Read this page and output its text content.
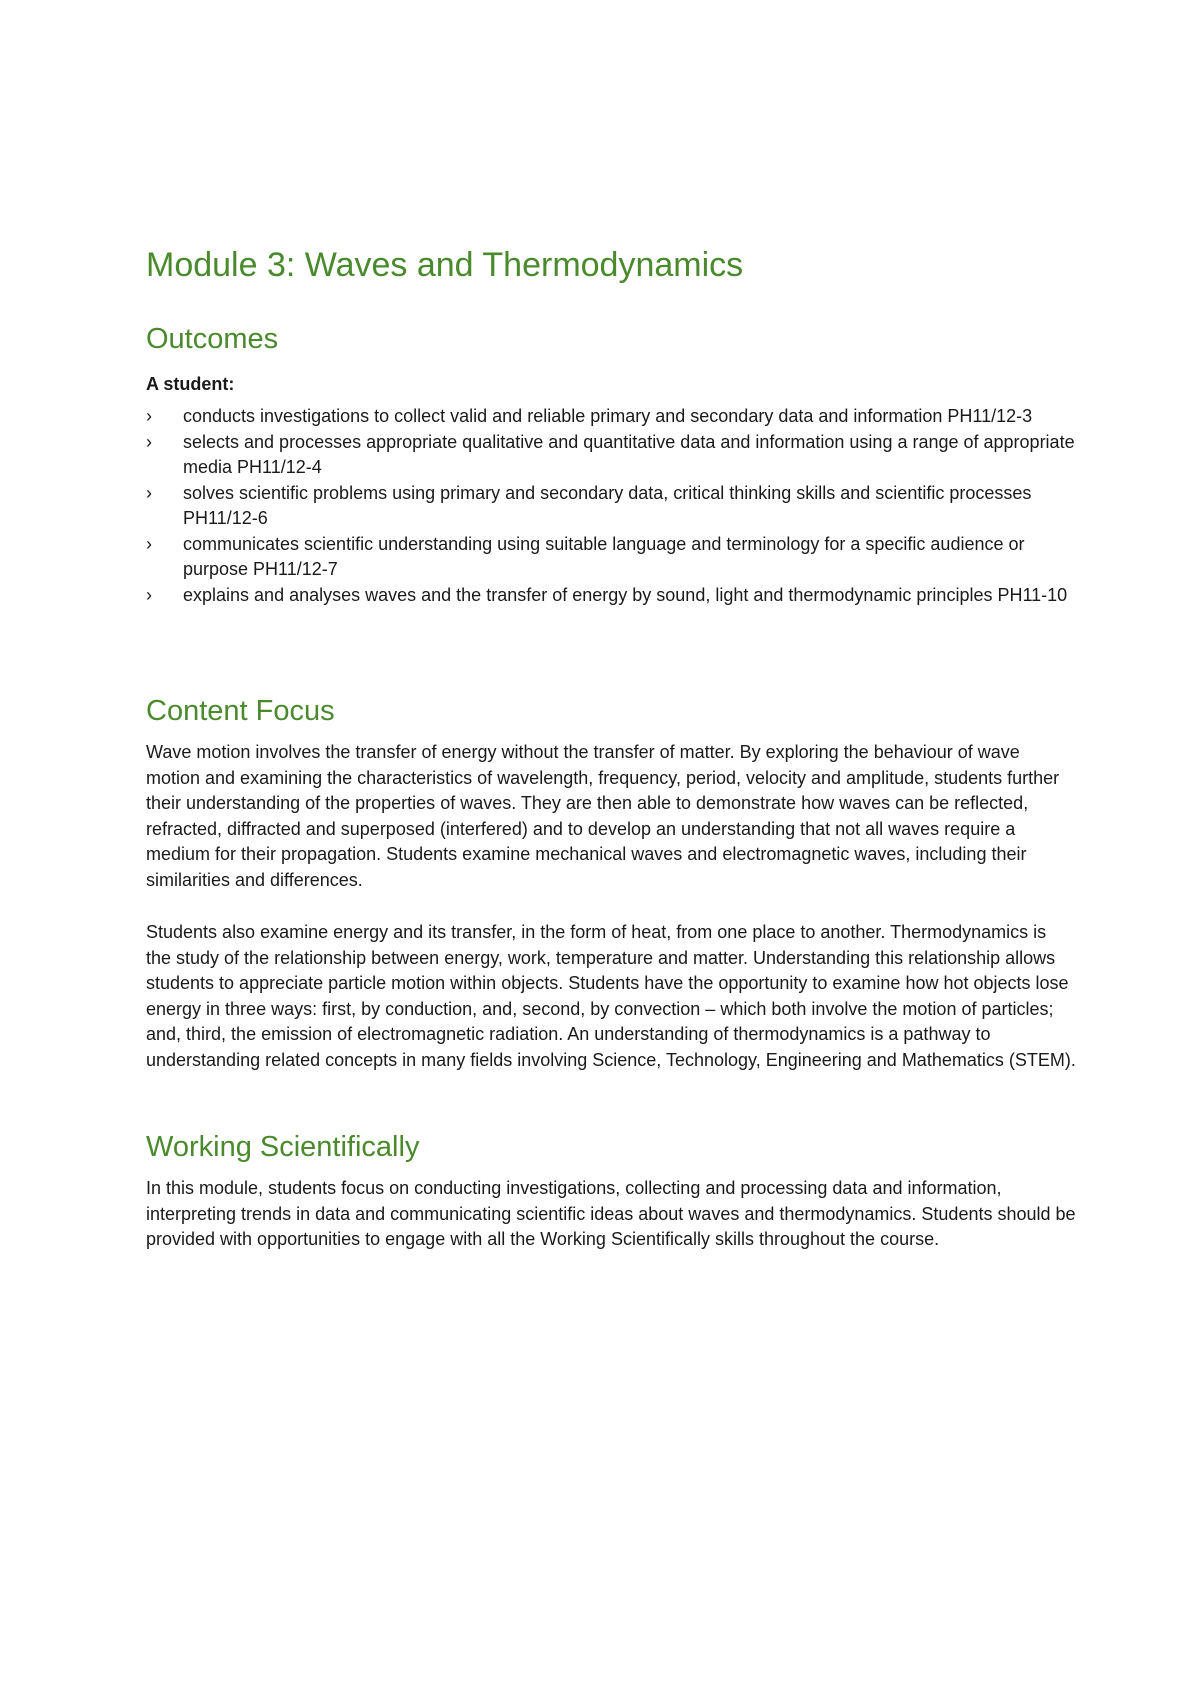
Module 3: Waves and Thermodynamics
Outcomes

A student:

› conducts investigations to collect valid and reliable primary and secondary data and information PH11/12-3
› selects and processes appropriate qualitative and quantitative data and information using a range of appropriate media PH11/12-4
› solves scientific problems using primary and secondary data, critical thinking skills and scientific processes PH11/12-6
› communicates scientific understanding using suitable language and terminology for a specific audience or purpose PH11/12-7
› explains and analyses waves and the transfer of energy by sound, light and thermodynamic principles PH11-10
Content Focus

Wave motion involves the transfer of energy without the transfer of matter. By exploring the behaviour of wave motion and examining the characteristics of wavelength, frequency, period, velocity and amplitude, students further their understanding of the properties of waves. They are then able to demonstrate how waves can be reflected, refracted, diffracted and superposed (interfered) and to develop an understanding that not all waves require a medium for their propagation. Students examine mechanical waves and electromagnetic waves, including their similarities and differences.

Students also examine energy and its transfer, in the form of heat, from one place to another. Thermodynamics is the study of the relationship between energy, work, temperature and matter. Understanding this relationship allows students to appreciate particle motion within objects. Students have the opportunity to examine how hot objects lose energy in three ways: first, by conduction, and, second, by convection – which both involve the motion of particles; and, third, the emission of electromagnetic radiation. An understanding of thermodynamics is a pathway to understanding related concepts in many fields involving Science, Technology, Engineering and Mathematics (STEM).

Working Scientifically

In this module, students focus on conducting investigations, collecting and processing data and information, interpreting trends in data and communicating scientific ideas about waves and thermodynamics. Students should be provided with opportunities to engage with all the Working Scientifically skills throughout the course.
